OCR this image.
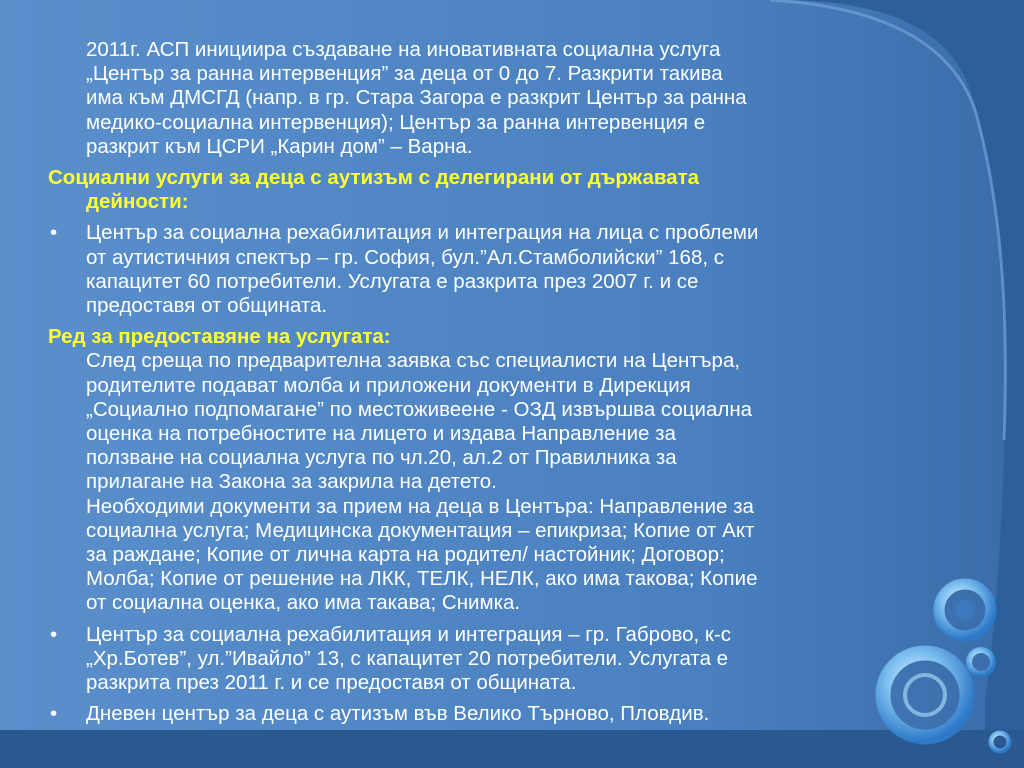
2011г. АСП инициира създаване на иновативната социална услуга
„Център за ранна интервенция” за деца от 0 до 7. Разкрити такива
има към ДМСГД (напр. в гр. Стара Загора е разкрит Център за ранна
медико-социална интервенция); Център за ранна интервенция е
разкрит към ЦСРИ „Карин дом” – Варна.
Социални услуги за деца с аутизъм с делегирани от държавата
дейности:
• Център за социална рехабилитация и интеграция на лица с проблеми
от аутистичния спектър – гр. София, бул.”Ал.Стамболийски” 168, с
капацитет 60 потребители. Услугата е разкрита през 2007 г. и се
предоставя от общината.
Ред за предоставяне на услугата:
След среща по предварителна заявка със специалисти на Центъра,
родителите подават молба и приложени документи в Дирекция
„Социално подпомагане” по местоживеене - ОЗД извършва социална
оценка на потребностите на лицето и издава Направление за
ползване на социална услуга по чл.20, ал.2 от Правилника за
прилагане на Закона за закрила на детето.
Необходими документи за прием на деца в Центъра: Направление за
социална услуга; Медицинска документация – епикриза; Копие от Акт
за раждане; Копие от лична карта на родител/ настойник; Договор;
Молба; Копие от решение на ЛКК, ТЕЛК, НЕЛК, ако има такова; Копие
от социална оценка, ако има такава; Снимка.
• Център за социална рехабилитация и интеграция – гр. Габрово, к-с
„Хр.Ботев”, ул.”Ивайло” 13, с капацитет 20 потребители. Услугата е
разкрита през 2011 г. и се предоставя от общината.
• Дневен център за деца с аутизъм във Велико Търново, Пловдив.
